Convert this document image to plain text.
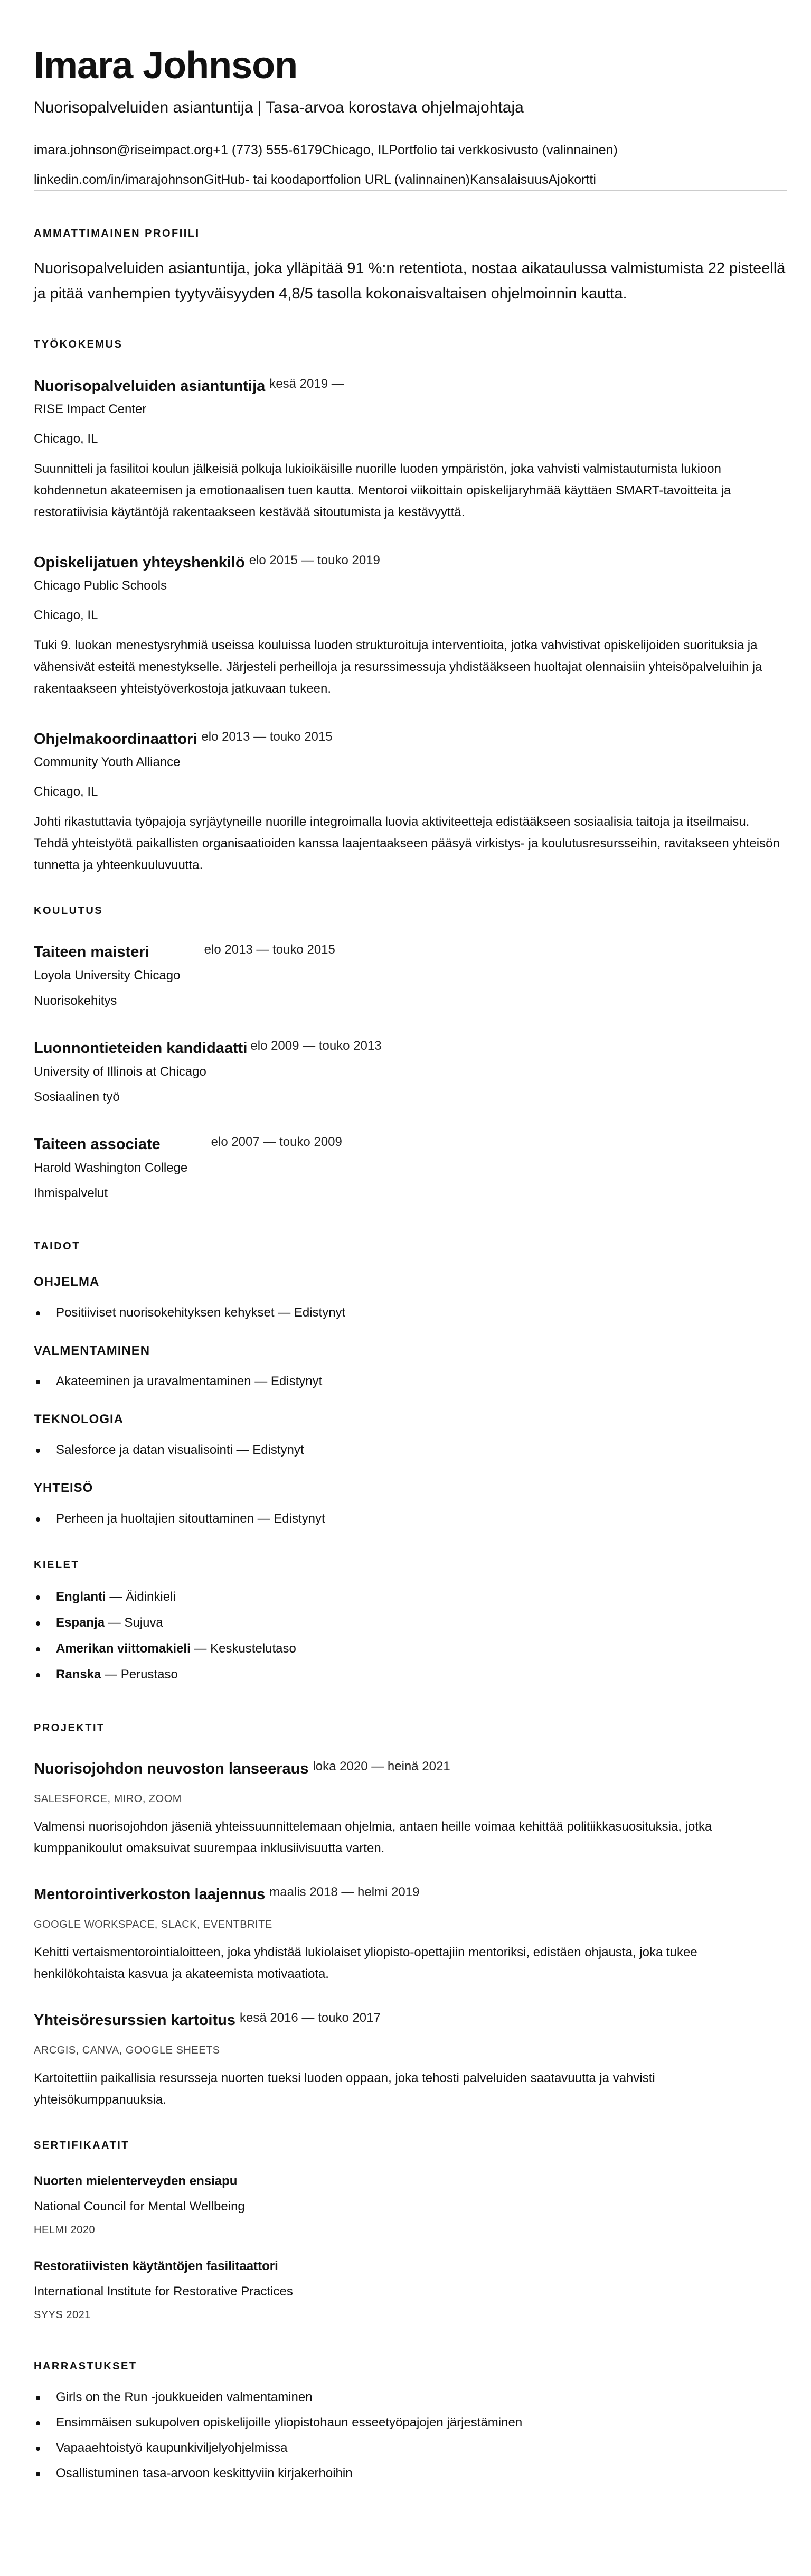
Imara Johnson
Nuorisopalveluiden asiantuntija | Tasa-arvoa korostava ohjelmajohtaja
imara.johnson@riseimpact.org +1 (773) 555-6179 Chicago, IL Portfolio tai verkkosivusto (valinnainen)
linkedin.com/in/imarajohnson GitHub- tai koodaportfolion URL (valinnainen) Kansalaisuus Ajokortti
AMMATTIMAINEN PROFIILI

Nuorisopalveluiden asiantuntija, joka ylläpitää 91 %:n retentiota, nostaa aikataulussa valmistumista 22 pisteellä ja pitää vanhempien tyytyväisyyden 4,8/5 tasolla kokonaisvaltaisen ohjelmoinnin kautta.

TYÖKOKEMUS
Nuorisopalveluiden asiantuntija $^{kesä 2019 —}$
RISE Impact Center
Chicago, IL

Suunnitteli ja fasilitoi koulun jälkeisiä polkuja lukioikäisille nuorille luoden ympäristön, joka vahvisti valmistautumista lukioon kohdennetun akateemisen ja emotionaalisen tuen kautta. Mentoroi viikoittain opiskelijaryhmää käyttäen SMART-tavoitteita ja restoratiivisia käytäntöjä rakentaakseen kestävää sitoutumista ja kestävyyttä.

Opiskelijatuen yhteyshenkilö $^{elo 2015 — touko 2019}$
Chicago Public Schools
Chicago, IL

Tuki 9. luokan menestysryhmiä useissa kouluissa luoden strukturoituja interventioita, jotka vahvistivat opiskelijoiden suorituksia ja vähensivät esteitä menestykselle. Järjesteli perheilloja ja resurssimessuja yhdistääkseen huoltajat olennaisiin yhteisöpalveluihin ja rakentaakseen yhteistyöverkostoja jatkuvaan tukeen.

Ohjelmakoordinaattori $^{elo 2013 — touko 2015}$
Community Youth Alliance
Chicago, IL

Johti rikastuttavia työpajoja syrjäytyneille nuorille integroimalla luovia aktiviteetteja edistääkseen sosiaalisia taitoja ja itseilmaisu. Tehdä yhteistyötä paikallisten organisaatioiden kanssa laajentaakseen pääsyä virkistys- ja koulutusresursseihin, ravitakseen yhteisön tunnetta ja yhteenkuuluvuutta.

KOULUTUS
Taiteen maisteri	$^{elo 2013 — touko 2015}$
Loyola University Chicago
Nuorisokehitys
Luonnontieteiden kandidaatti $^{elo 2009 — touko 2013}$
University of Illinois at Chicago
Sosiaalinen työ
Taiteen associate	$^{elo 2007 — touko 2009}$
Harold Washington College
Ihmispalvelut
TAIDOT
OHJELMA
Positiiviset nuorisokehityksen kehykset — Edistynyt
VALMENTAMINEN
Akateeminen ja uravalmentaminen — Edistynyt
TEKNOLOGIA
Salesforce ja datan visualisointi — Edistynyt
YHTEISÖ
Perheen ja huoltajien sitouttaminen — Edistynyt
KIELET
Englanti — Äidinkieli
Espanja — Sujuva
Amerikan viittomakieli — Keskustelutaso
Ranska — Perustaso
PROJEKTIT
Nuorisojohdon neuvoston lanseeraus $^{loka 2020 — heinä 2021}$
SALESFORCE, MIRO, ZOOM

Valmensi nuorisojohdon jäseniä yhteissuunnittelemaan ohjelmia, antaen heille voimaa kehittää politiikkasuosituksia, jotka kumppanikoulut omaksuivat suurempaa inklusiivisuutta varten.

Mentorointiverkoston laajennus $^{maalis 2018 — helmi 2019}$
GOOGLE WORKSPACE, SLACK, EVENTBRITE

Kehitti vertaismentorointialoitteen, joka yhdistää lukiolaiset yliopisto-opettajiin mentoriksi, edistäen ohjausta, joka tukee henkilökohtaista kasvua ja akateemista motivaatiota.

Yhteisöresurssien kartoitus $^{kesä 2016 — touko 2017}$
ARCGIS, CANVA, GOOGLE SHEETS

Kartoitettiin paikallisia resursseja nuorten tueksi luoden oppaan, joka tehosti palveluiden saatavuutta ja vahvisti yhteisökumppanuuksia.

SERTIFIKAATIT
Nuorten mielenterveyden ensiapu
National Council for Mental Wellbeing
HELMI 2020
Restoratiivisten käytäntöjen fasilitaattori
International Institute for Restorative Practices
SYYS 2021
HARRASTUKSET
Girls on the Run -joukkueiden valmentaminen
Ensimmäisen sukupolven opiskelijoille yliopistohaun esseetyöpajojen järjestäminen
Vapaaehtoistyö kaupunkiviljelyohjelmissa
Osallistuminen tasa-arvoon keskittyviin kirjakerhoihin
